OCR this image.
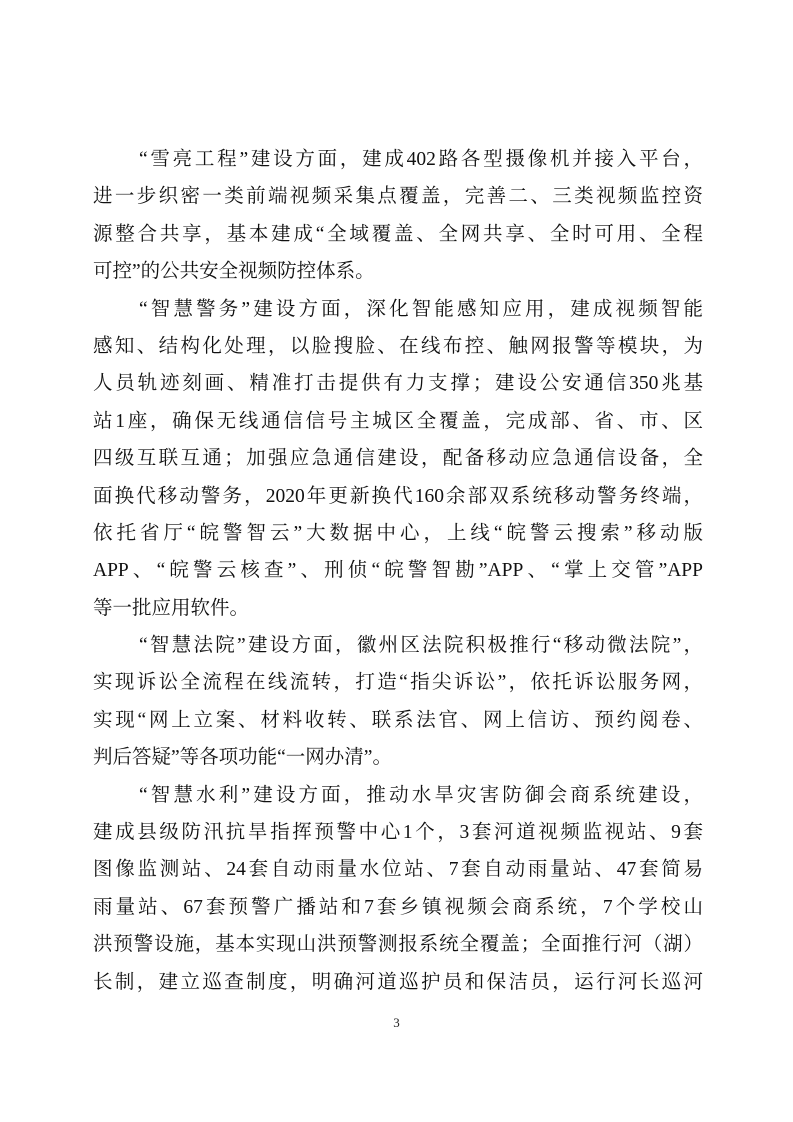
“雪亮工程”建设方面，建成402路各型摄像机并接入平台，
进一步织密一类前端视频采集点覆盖，完善二、三类视频监控资
源整合共享，基本建成“全域覆盖、全网共享、全时可用、全程
可控”的公共安全视频防控体系。
“智慧警务”建设方面，深化智能感知应用，建成视频智能
感知、结构化处理，以脸搜脸、在线布控、触网报警等模块，为
人员轨迹刻画、精准打击提供有力支撑；建设公安通信350兆基
站1座，确保无线通信信号主城区全覆盖，完成部、省、市、区
四级互联互通；加强应急通信建设，配备移动应急通信设备，全
面换代移动警务，2020年更新换代160余部双系统移动警务终端，
依托省厅“皖警智云”大数据中心，上线“皖警云搜索”移动版
APP、“皖警云核查”、刑侦“皖警智勘”APP、“掌上交管”APP
等一批应用软件。
“智慧法院”建设方面，徽州区法院积极推行“移动微法院”，
实现诉讼全流程在线流转，打造“指尖诉讼”，依托诉讼服务网，
实现“网上立案、材料收转、联系法官、网上信访、预约阅卷、
判后答疑”等各项功能“一网办清”。
“智慧水利”建设方面，推动水旱灾害防御会商系统建设，
建成县级防汛抗旱指挥预警中心1个，3套河道视频监视站、9套
图像监测站、24套自动雨量水位站、7套自动雨量站、47套简易
雨量站、67套预警广播站和7套乡镇视频会商系统，7个学校山
洪预警设施，基本实现山洪预警测报系统全覆盖；全面推行河（湖）
长制，建立巡查制度，明确河道巡护员和保洁员，运行河长巡河
3
